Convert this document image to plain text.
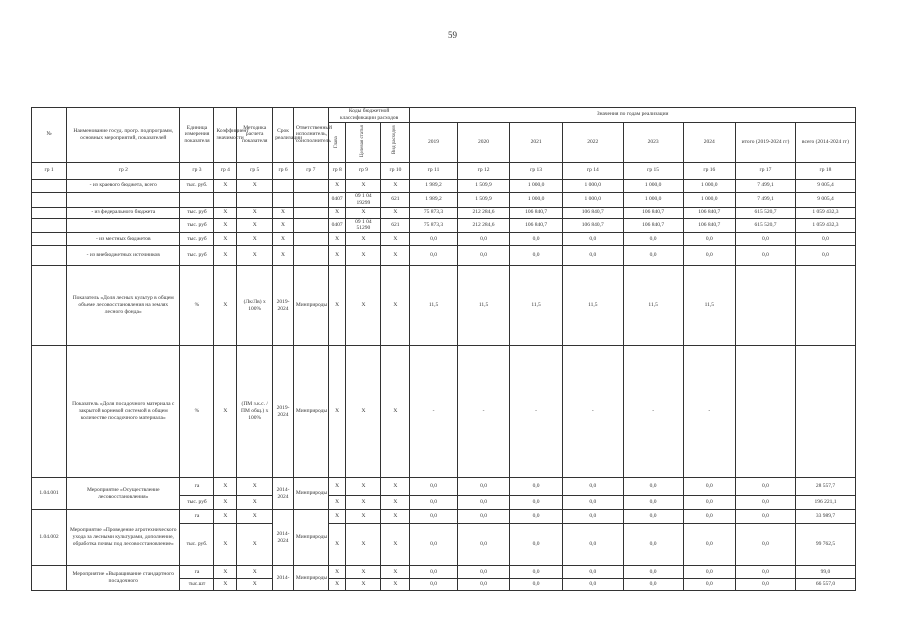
59
№	Наименование госуд. прогр. подпрограмм, основных мероприятий, показателей	Единица измерения показателя	Коэффициент значимости	Методика расчета показателя	Срок реализации	Ответственный исполнитель, соисполнитель	Коды бюджетной классификации расходов			Значения по годам реализации							

							Глава	Целевая статья	Вид расходов	2019	2020	2021	2022	2023	2024	итого (2019-2024 гг)	всего (2014-2024 гг)
гр 1	гр 2	гр 3	гр 4	гр 5	гр 6	гр 7	гр 8	гр 9	гр 10	гр 11	гр 12	гр 13	гр 14	гр 15	гр 16	гр 17	гр 18
	- из краевого бюджета, всего	тыс. руб.	X	X			X	X	X	1 989,2	1 509,9	1 000,0	1 000,0	1 000,0	1 000,0	7 499,1	9 005,4
							0407	09 1 04 19299	621	1 989,2	1 509,9	1 000,0	1 000,0	1 000,0	1 000,0	7 499,1	9 005,4
	- из федерального бюджета	тыс. руб	X	X	X		X	X	X	75 873,3	212 284,6	106 840,7	106 840,7	106 840,7	106 840,7	615 520,7	1 059 432,3
		тыс. руб	X	X	X		0407	09 1 04 51290	621	75 873,3	212 284,6	106 840,7	106 840,7	106 840,7	106 840,7	615 520,7	1 059 432,3
	- из местных бюджетов	тыс. руб	X	X	X		X	X	X	0,0	0,0	0,0	0,0	0,0	0,0	0,0	0,0
	- из внебюджетных источников	тыс. руб	X	X	X		X	X	X	0,0	0,0	0,0	0,0	0,0	0,0	0,0	0,0
	Показатель «Доля лесных культур в общем объеме лесовосстановления на землях лесного фонда»	%	X	(Лк/Лв) х 100%	2019-2024	Минприроды	X	X	X	11,5	11,5	11,5	11,5	11,5	11,5		
	Показатель «Доля посадочного материала с закрытой корневой системой в общем количестве посадочного материала»	%	X	(ПМ з.к.с. / ПМ общ.) х 100%	2019-2024	Минприроды	X	X	X	-	-	-	-	-	-		
1.04.001	Мероприятие «Осуществление лесовосстановления»	га	X	X	2014-2024	Минприроды	X	X	X	0,0	0,0	0,0	0,0	0,0	0,0	0,0	28 557,7
		тыс. руб	X	X			X	X	X	0,0	0,0	0,0	0,0	0,0	0,0	0,0	196 221,1
1.04.002	Мероприятие «Проведение агротехнического ухода за лесными культурами, дополнение, обработка почвы под лесовосстановление»	га	X	X	2014-2024	Минприроды	X	X	X	0,0	0,0	0,0	0,0	0,0	0,0	0,0	33 989,7
		тыс. руб.	X	X			X	X	X	0,0	0,0	0,0	0,0	0,0	0,0	0,0	99 762,5
	Мероприятие «Выращивание стандартного посадочного	га	X	X	2014-	Минприроды	X	X	X	0,0	0,0	0,0	0,0	0,0	0,0	0,0	99,0
		тыс.шт	X	X			X	X	X	0,0	0,0	0,0	0,0	0,0	0,0	0,0	66 557,0
